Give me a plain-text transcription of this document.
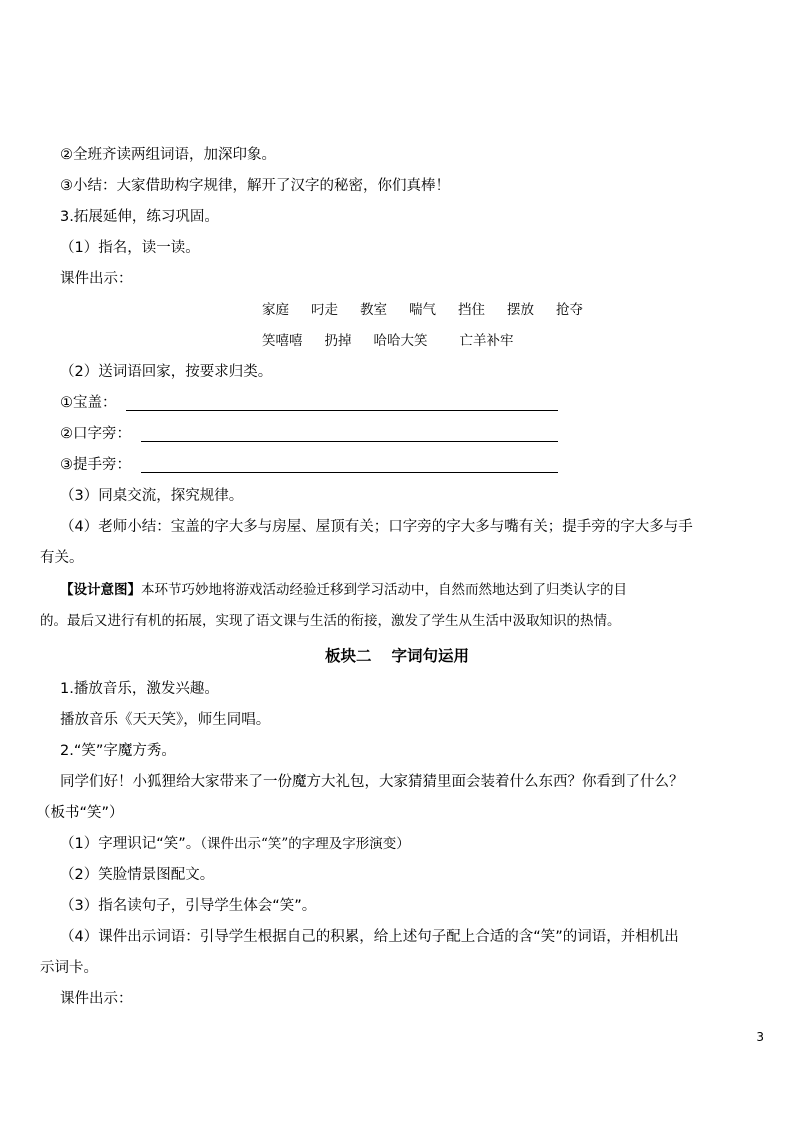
②全班齐读两组词语，加深印象。
③小结：大家借助构字规律，解开了汉字的秘密，你们真棒！
3.拓展延伸，练习巩固。
（1）指名，读一读。
课件出示：
家庭 叼走 教室 喘气 挡住 摆放 抢夺
笑嘻嘻 扔掉 哈哈大笑 亡羊补牢
（2）送词语回家，按要求归类。
①宝盖：
②口字旁：
③提手旁：
（3）同桌交流，探究规律。
（4）老师小结：宝盖的字大多与房屋、屋顶有关；口字旁的字大多与嘴有关；提手旁的字大多与手
有关。
【设计意图】本环节巧妙地将游戏活动经验迁移到学习活动中，自然而然地达到了归类认字的目
的。最后又进行有机的拓展，实现了语文课与生活的衔接，激发了学生从生活中汲取知识的热情。
板块二 字词句运用
1.播放音乐，激发兴趣。
播放音乐《天天笑》，师生同唱。
2.“笑”字魔方秀。
同学们好！小狐狸给大家带来了一份魔方大礼包，大家猜猜里面会装着什么东西？你看到了什么？
（板书“笑”）
（1）字理识记“笑”。（课件出示“笑”的字理及字形演变）
（2）笑脸情景图配文。
（3）指名读句子，引导学生体会“笑”。
（4）课件出示词语：引导学生根据自己的积累，给上述句子配上合适的含“笑”的词语，并相机出
示词卡。
课件出示：
3
